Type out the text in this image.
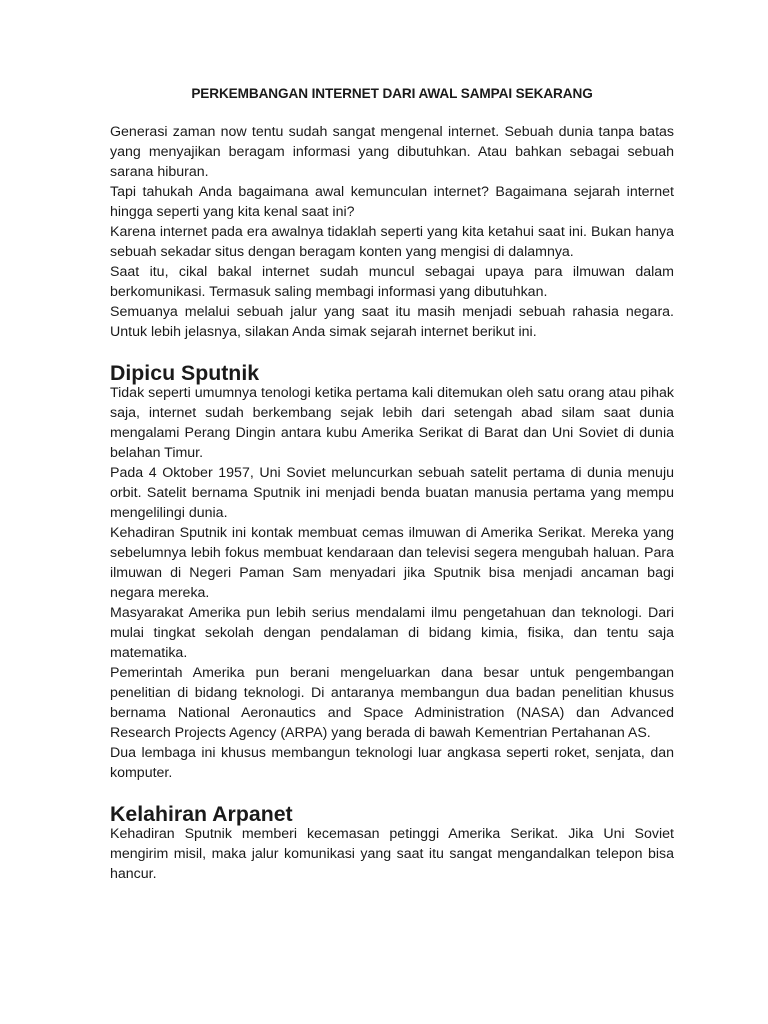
PERKEMBANGAN INTERNET DARI AWAL SAMPAI SEKARANG

Generasi zaman now tentu sudah sangat mengenal internet. Sebuah dunia tanpa batas yang menyajikan beragam informasi yang dibutuhkan. Atau bahkan sebagai sebuah sarana hiburan.

Tapi tahukah Anda bagaimana awal kemunculan internet? Bagaimana sejarah internet hingga seperti yang kita kenal saat ini?

Karena internet pada era awalnya tidaklah seperti yang kita ketahui saat ini. Bukan hanya sebuah sekadar situs dengan beragam konten yang mengisi di dalamnya.

Saat itu, cikal bakal internet sudah muncul sebagai upaya para ilmuwan dalam berkomunikasi. Termasuk saling membagi informasi yang dibutuhkan.

Semuanya melalui sebuah jalur yang saat itu masih menjadi sebuah rahasia negara. Untuk lebih jelasnya, silakan Anda simak sejarah internet berikut ini.

Dipicu Sputnik

Tidak seperti umumnya tenologi ketika pertama kali ditemukan oleh satu orang atau pihak saja, internet sudah berkembang sejak lebih dari setengah abad silam saat dunia mengalami Perang Dingin antara kubu Amerika Serikat di Barat dan Uni Soviet di dunia belahan Timur.

Pada 4 Oktober 1957, Uni Soviet meluncurkan sebuah satelit pertama di dunia menuju orbit. Satelit bernama Sputnik ini menjadi benda buatan manusia pertama yang mempu mengelilingi dunia.

Kehadiran Sputnik ini kontak membuat cemas ilmuwan di Amerika Serikat. Mereka yang sebelumnya lebih fokus membuat kendaraan dan televisi segera mengubah haluan. Para ilmuwan di Negeri Paman Sam menyadari jika Sputnik bisa menjadi ancaman bagi negara mereka.

Masyarakat Amerika pun lebih serius mendalami ilmu pengetahuan dan teknologi. Dari mulai tingkat sekolah dengan pendalaman di bidang kimia, fisika, dan tentu saja matematika.

Pemerintah Amerika pun berani mengeluarkan dana besar untuk pengembangan penelitian di bidang teknologi. Di antaranya membangun dua badan penelitian khusus bernama National Aeronautics and Space Administration (NASA) dan Advanced Research Projects Agency (ARPA) yang berada di bawah Kementrian Pertahanan AS.

Dua lembaga ini khusus membangun teknologi luar angkasa seperti roket, senjata, dan komputer.

Kelahiran Arpanet

Kehadiran Sputnik memberi kecemasan petinggi Amerika Serikat. Jika Uni Soviet mengirim misil, maka jalur komunikasi yang saat itu sangat mengandalkan telepon bisa hancur.
